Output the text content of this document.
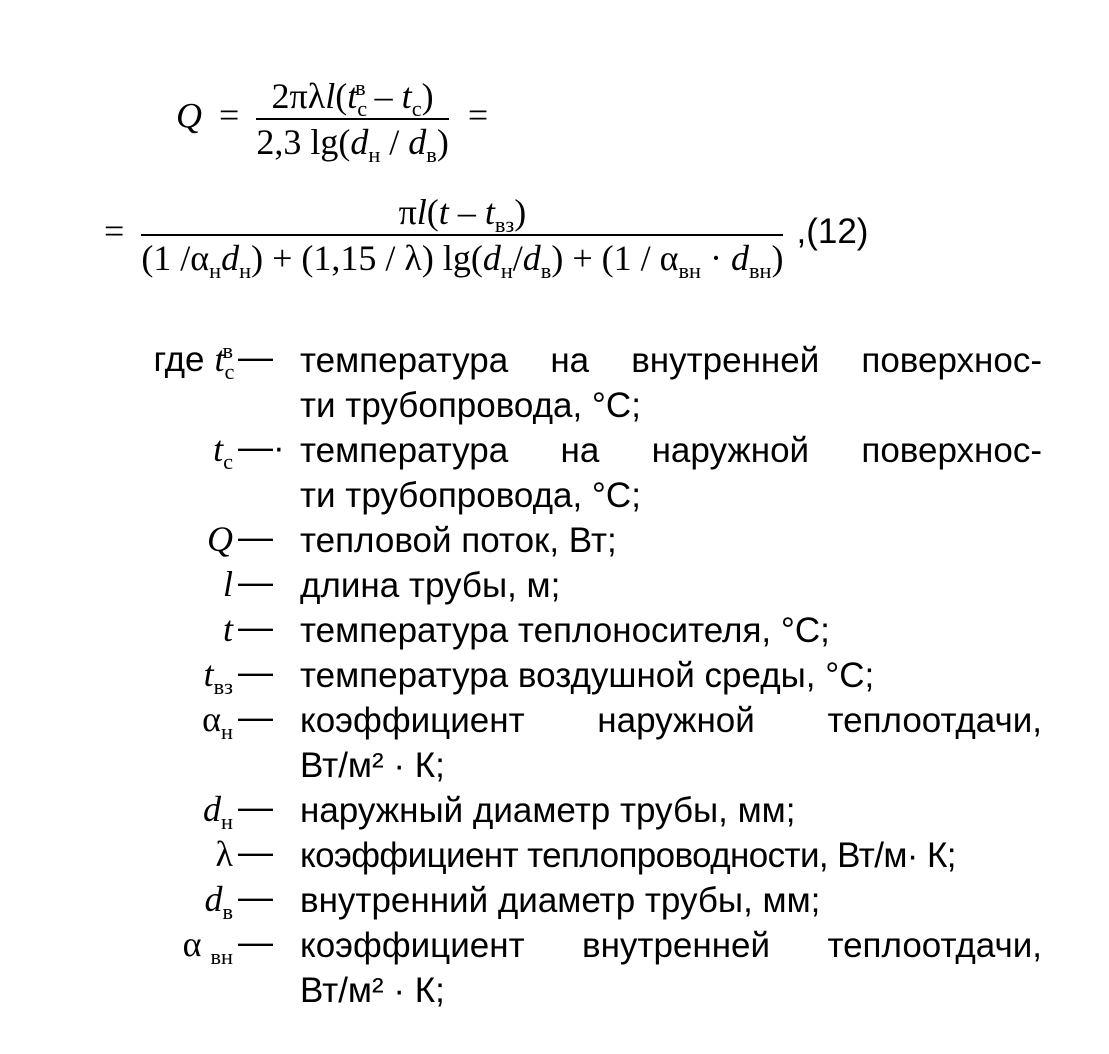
$Q = \frac{2\pi\lambda l(t_с^в - t_с)}{2,3 \lg(d_н / d_в)}$ =
= $\frac{\pi l(t - t_{вз})}{(1 /\alpha_нd_н) + (1,15 / \lambda) \lg(d_н/d_в) + (1 / \alpha_{вн} \cdot d_{вн})} ,(12)$
где $t_с^в$ — температура на внутренней поверхнос-
ти трубопровода, °С;
$t_с$ —· температура на наружной поверхнос-
ти трубопровода, °С;
Q — тепловой поток, Вт;
l — длина трубы, м;
t — температура теплоносителя, °С;
$t_{вз}$ — температура воздушной среды, °С;
$\alpha_н$ — коэффициент наружной теплоотдачи,
Вт/м² · К;
$d_н$ — наружный диаметр трубы, мм;
λ — коэффициент теплопроводности, Вт/м· К;
$d_в$ — внутренний диаметр трубы, мм;
α $_{вн}$ — коэффициент внутренней теплоотдачи,
Вт/м² · К;
